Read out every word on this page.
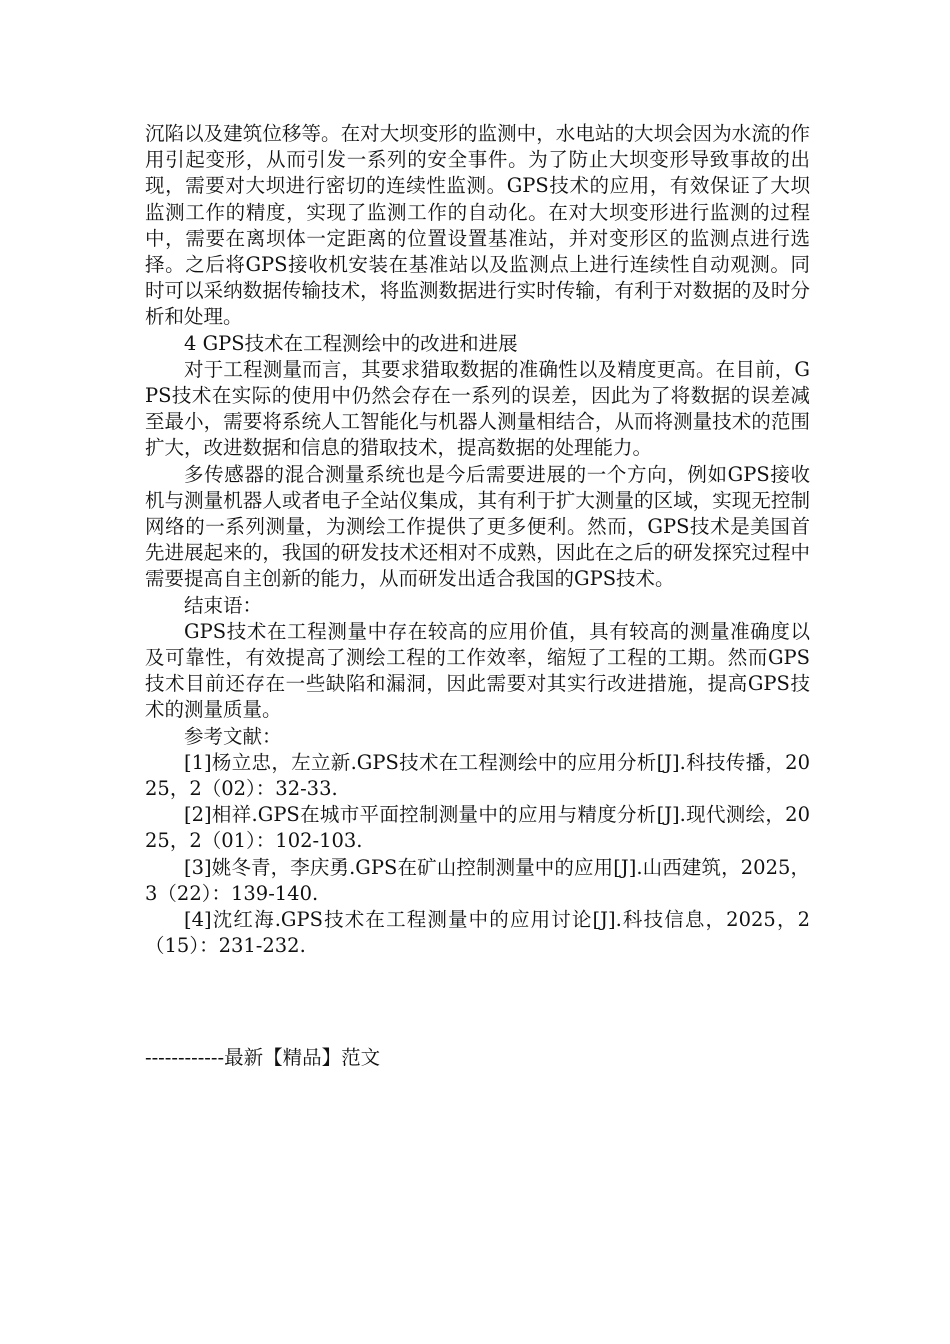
沉陷以及建筑位移等。在对大坝变形的监测中，水电站的大坝会因为水流的作用引起变形，从而引发一系列的安全事件。为了防止大坝变形导致事故的出现，需要对大坝进行密切的连续性监测。GPS技术的应用，有效保证了大坝监测工作的精度，实现了监测工作的自动化。在对大坝变形进行监测的过程中，需要在离坝体一定距离的位置设置基准站，并对变形区的监测点进行选择。之后将GPS接收机安装在基准站以及监测点上进行连续性自动观测。同时可以采纳数据传输技术，将监测数据进行实时传输，有利于对数据的及时分析和处理。

4 GPS技术在工程测绘中的改进和进展

对于工程测量而言，其要求猎取数据的准确性以及精度更高。在目前，GPS技术在实际的使用中仍然会存在一系列的误差，因此为了将数据的误差减至最小，需要将系统人工智能化与机器人测量相结合，从而将测量技术的范围扩大，改进数据和信息的猎取技术，提高数据的处理能力。

多传感器的混合测量系统也是今后需要进展的一个方向，例如GPS接收机与测量机器人或者电子全站仪集成，其有利于扩大测量的区域，实现无控制网络的一系列测量，为测绘工作提供了更多便利。然而，GPS技术是美国首先进展起来的，我国的研发技术还相对不成熟，因此在之后的研发探究过程中需要提高自主创新的能力，从而研发出适合我国的GPS技术。

结束语：

GPS技术在工程测量中存在较高的应用价值，具有较高的测量准确度以及可靠性，有效提高了测绘工程的工作效率，缩短了工程的工期。然而GPS技术目前还存在一些缺陷和漏洞，因此需要对其实行改进措施，提高GPS技术的测量质量。

参考文献：

[1]杨立忠，左立新.GPS技术在工程测绘中的应用分析[J].科技传播，2025，2（02）：32-33.

[2]相祥.GPS在城市平面控制测量中的应用与精度分析[J].现代测绘，2025，2（01）：102-103.

[3]姚冬青，李庆勇.GPS在矿山控制测量中的应用[J].山西建筑，2025，3（22）：139-140.

[4]沈红海.GPS技术在工程测量中的应用讨论[J].科技信息，2025，2（15）：231-232.

------------最新【精品】范文
